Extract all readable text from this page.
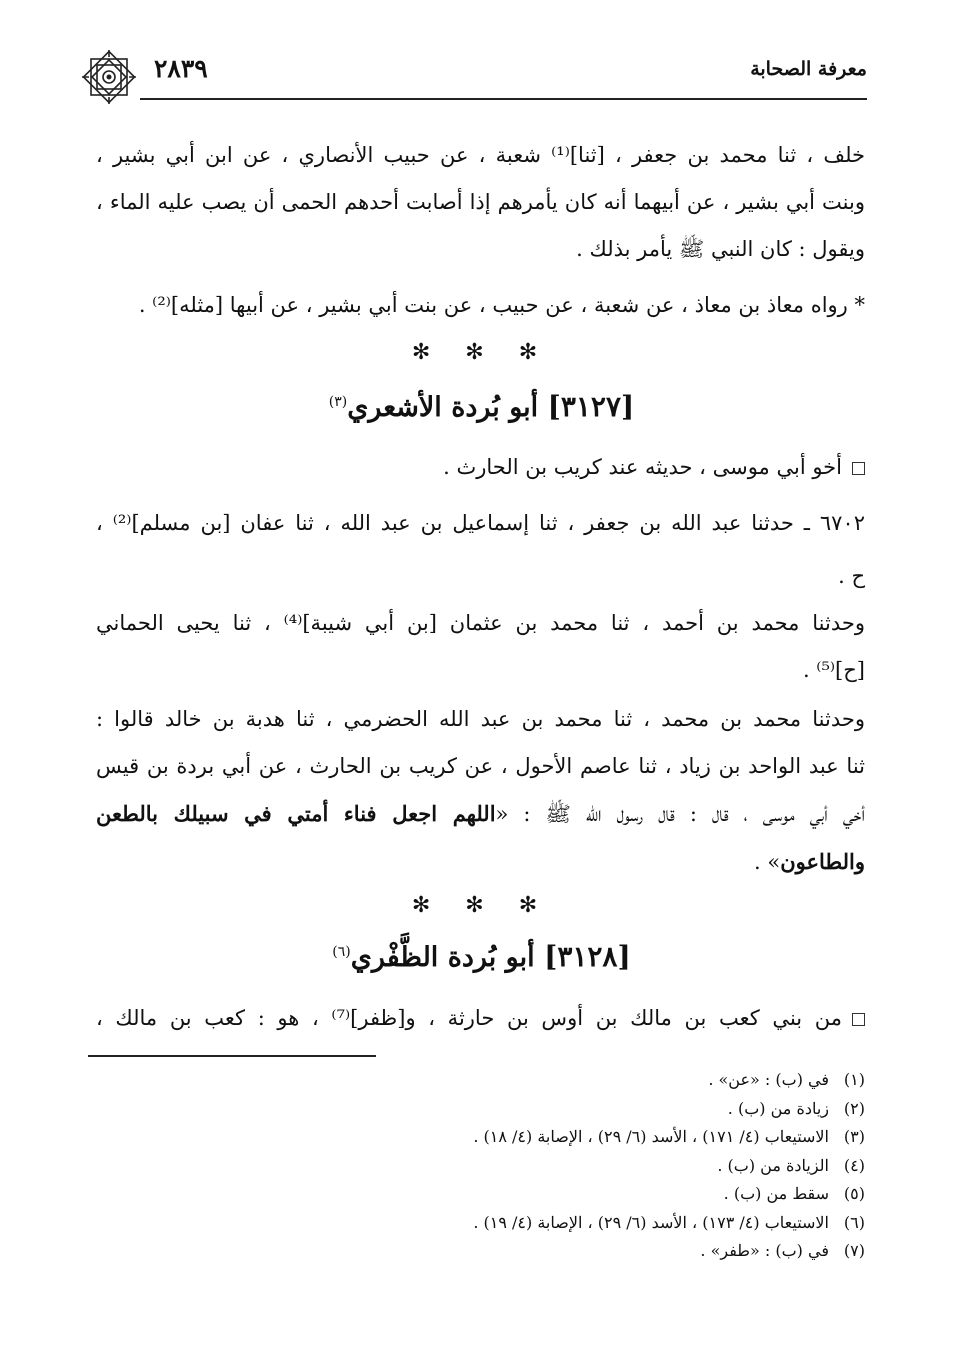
معرفة الصحابة
٢٨٣٩
خلف ، ثنا محمد بن جعفر ، [ثنا]⁽¹⁾ شعبة ، عن حبيب الأنصاري ، عن ابن أبي بشير ،
وبنت أبي بشير ، عن أبيهما أنه كان يأمرهم إذا أصابت أحدهم الحمى أن يصب عليه الماء ،
ويقول : كان النبي ﷺ يأمر بذلك .
* رواه معاذ بن معاذ ، عن شعبة ، عن حبيب ، عن بنت أبي بشير ، عن أبيها [مثله]⁽²⁾ .
✻ ✻ ✻
[٣١٢٧] أبو بُردة الأشعري$^{(٣)}$
أخو أبي موسى ، حديثه عند كريب بن الحارث .
٦٧٠٢ ـ حدثنا عبد الله بن جعفر ، ثنا إسماعيل بن عبد الله ، ثنا عفان [بن مسلم]⁽²⁾ ،
ح .
وحدثنا محمد بن أحمد ، ثنا محمد بن عثمان [بن أبي شيبة]⁽⁴⁾ ، ثنا يحيى الحماني
[ح]⁽⁵⁾ .
وحدثنا محمد بن محمد ، ثنا محمد بن عبد الله الحضرمي ، ثنا هدبة بن خالد قالوا :
ثنا عبد الواحد بن زياد ، ثنا عاصم الأحول ، عن كريب بن الحارث ، عن أبي بردة بن قيس
أخي أبي موسى ، قال : قال رسول الله ﷺ : «اللهم اجعل فناء أمتي في سبيلك بالطعن
والطاعون» .
✻ ✻ ✻
[٣١٢٨] أبو بُردة الظَّفْري$^{(٦)}$
من بني كعب بن مالك بن أوس بن حارثة ، و[ظفر]⁽⁷⁾ ، هو : كعب بن مالك ،
(١)في (ب) : «عن» .
(٢)زيادة من (ب) .
(٣)الاستيعاب (٤/ ١٧١) ، الأسد (٦/ ٢٩) ، الإصابة (٤/ ١٨) .
(٤)الزيادة من (ب) .
(٥)سقط من (ب) .
(٦)الاستيعاب (٤/ ١٧٣) ، الأسد (٦/ ٢٩) ، الإصابة (٤/ ١٩) .
(٧)في (ب) : «طفر» .
